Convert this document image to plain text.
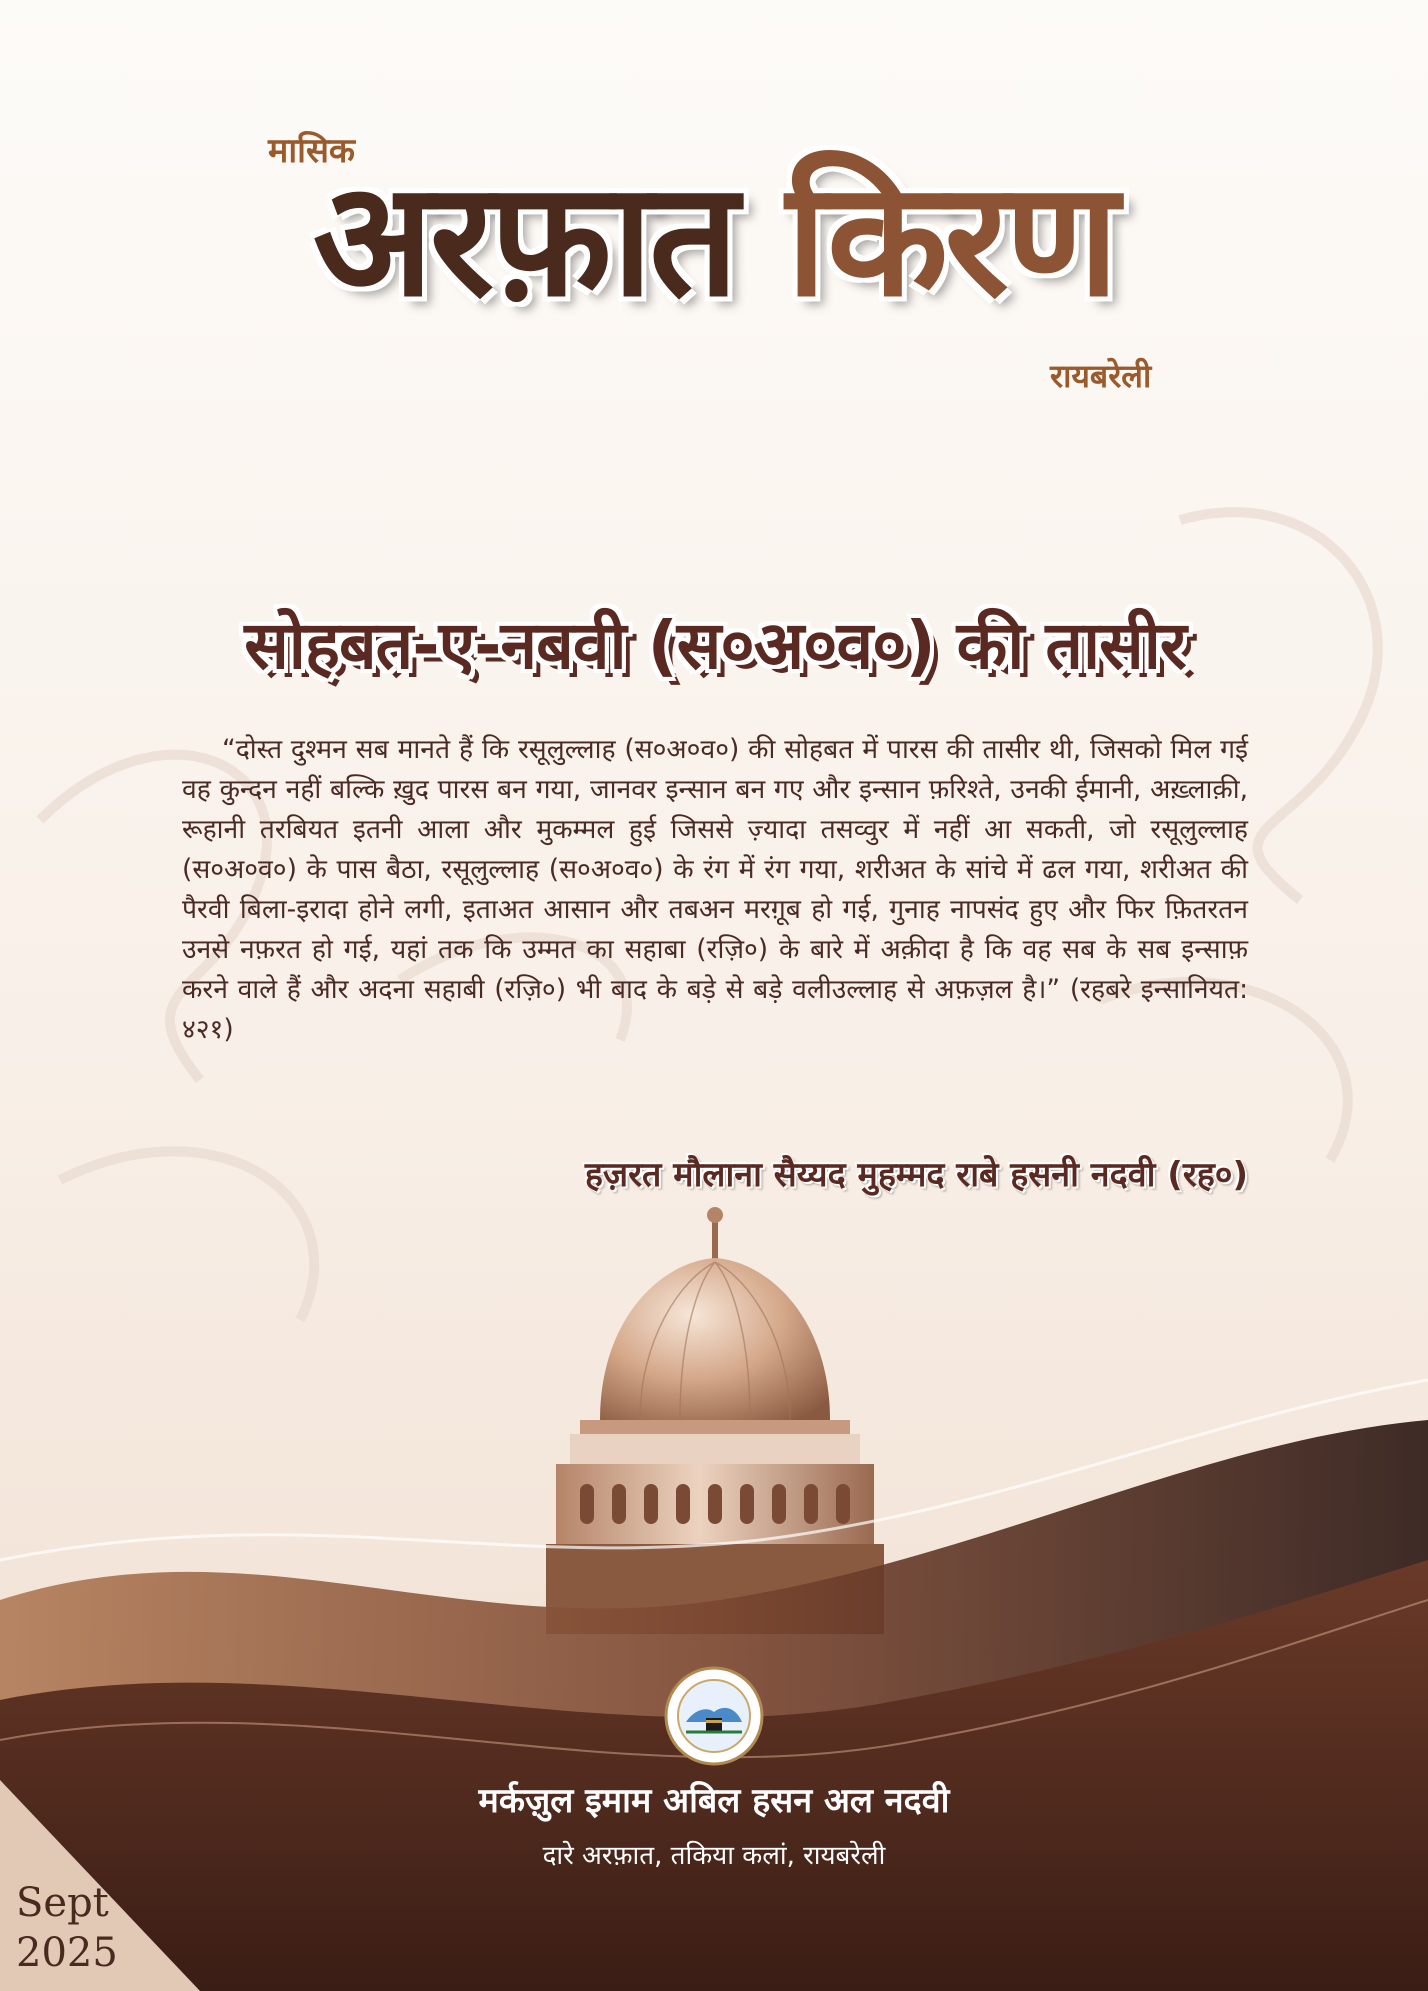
मासिक
अरफ़ात किरण
रायबरेली
सोहबत-ए-नबवी (स०अ०व०) की तासीर
“दोस्त दुश्मन सब मानते हैं कि रसूलुल्लाह (स०अ०व०) की सोहबत में पारस की तासीर थी, जिसको मिल गई वह कुन्दन नहीं बल्कि ख़ुद पारस बन गया, जानवर इन्सान बन गए और इन्सान फ़रिश्ते, उनकी ईमानी, अख़्लाक़ी, रूहानी तरबियत इतनी आला और मुकम्मल हुई जिससे ज़्यादा तसव्वुर में नहीं आ सकती, जो रसूलुल्लाह (स०अ०व०) के पास बैठा, रसूलुल्लाह (स०अ०व०) के रंग में रंग गया, शरीअत के सांचे में ढल गया, शरीअत की पैरवी बिला-इरादा होने लगी, इताअत आसान और तबअन मरग़ूब हो गई, गुनाह नापसंद हुए और फिर फ़ितरतन उनसे नफ़रत हो गई, यहां तक कि उम्मत का सहाबा (रज़ि०) के बारे में अक़ीदा है कि वह सब के सब इन्साफ़ करने वाले हैं और अदना सहाबी (रज़ि०) भी बाद के बड़े से बड़े वलीउल्लाह से अफ़ज़ल है।” (रहबरे इन्सानियत: ४२१)
हज़रत मौलाना सैय्यद मुहम्मद राबे हसनी नदवी (रह०)
मर्कज़ुल इमाम अबिल हसन अल नदवी
दारे अरफ़ात, तकिया कलां, रायबरेली
Sept
2025
